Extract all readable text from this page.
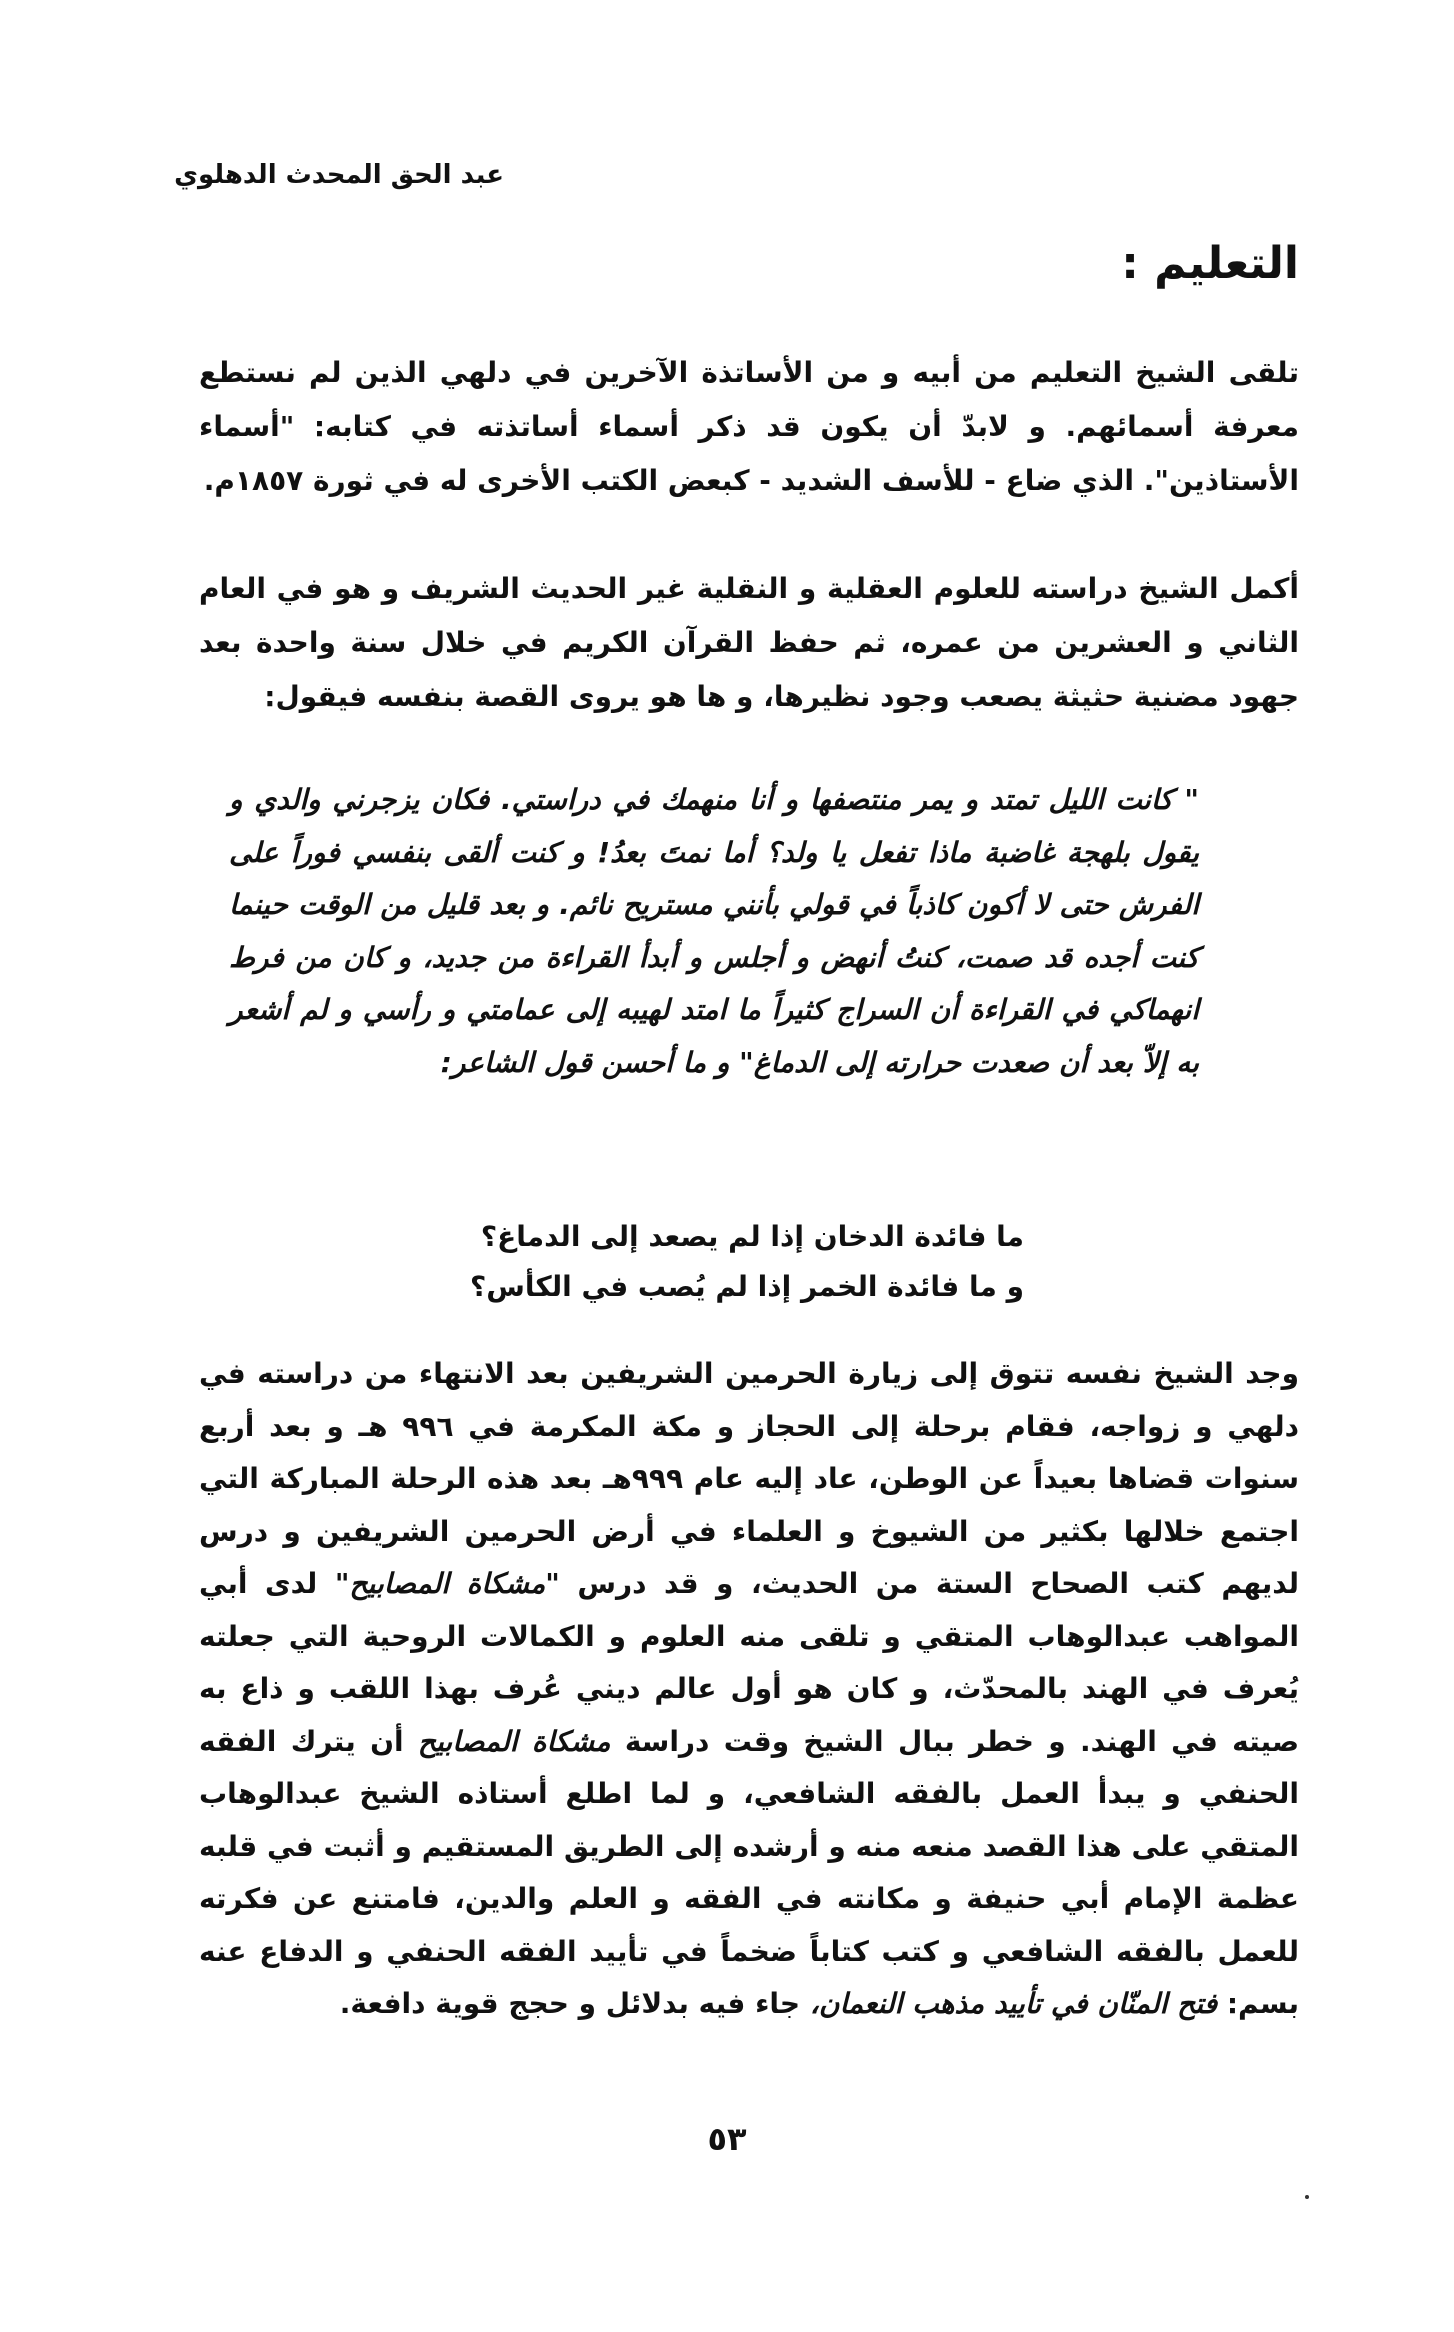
عبد الحق المحدث الدهلوي
التعليم :
تلقى الشيخ التعليم من أبيه و من الأساتذة الآخرين في دلهي الذين لم نستطع معرفة أسمائهم. و لابدّ أن يكون قد ذكر أسماء أساتذته في كتابه: "أسماء الأستاذين". الذي ضاع - للأسف الشديد - كبعض الكتب الأخرى له في ثورة ١٨٥٧م.
أكمل الشيخ دراسته للعلوم العقلية و النقلية غير الحديث الشريف و هو في العام الثاني و العشرين من عمره، ثم حفظ القرآن الكريم في خلال سنة واحدة بعد جهود مضنية حثيثة يصعب وجود نظيرها، و ها هو يروى القصة بنفسه فيقول:
" كانت الليل تمتد و يمر منتصفها و أنا منهمك في دراستي. فكان يزجرني والدي و يقول بلهجة غاضبة ماذا تفعل يا ولد؟ أما نمتَ بعدُ! و كنت ألقى بنفسي فوراً على الفرش حتى لا أكون كاذباً في قولي بأنني مستريح نائم. و بعد قليل من الوقت حينما كنت أجده قد صمت، كنتُ أنهض و أجلس و أبدأ القراءة من جديد، و كان من فرط انهماكي في القراءة أن السراج كثيراً ما امتد لهيبه إلى عمامتي و رأسي و لم أشعر به إلاّ بعد أن صعدت حرارته إلى الدماغ" و ما أحسن قول الشاعر:
ما فائدة الدخان إذا لم يصعد إلى الدماغ؟
و ما فائدة الخمر إذا لم يُصب في الكأس؟
وجد الشيخ نفسه تتوق إلى زيارة الحرمين الشريفين بعد الانتهاء من دراسته في دلهي و زواجه، فقام برحلة إلى الحجاز و مكة المكرمة في ٩٩٦ هـ و بعد أربع سنوات قضاها بعيداً عن الوطن، عاد إليه عام ٩٩٩هـ بعد هذه الرحلة المباركة التي اجتمع خلالها بكثير من الشيوخ و العلماء في أرض الحرمين الشريفين و درس لديهم كتب الصحاح الستة من الحديث، و قد درس "مشكاة المصابيح" لدى أبي المواهب عبدالوهاب المتقي و تلقى منه العلوم و الكمالات الروحية التي جعلته يُعرف في الهند بالمحدّث، و كان هو أول عالم ديني عُرف بهذا اللقب و ذاع به صيته في الهند. و خطر ببال الشيخ وقت دراسة مشكاة المصابيح أن يترك الفقه الحنفي و يبدأ العمل بالفقه الشافعي، و لما اطلع أستاذه الشيخ عبدالوهاب المتقي على هذا القصد منعه منه و أرشده إلى الطريق المستقيم و أثبت في قلبه عظمة الإمام أبي حنيفة و مكانته في الفقه و العلم والدين، فامتنع عن فكرته للعمل بالفقه الشافعي و كتب كتاباً ضخماً في تأييد الفقه الحنفي و الدفاع عنه بسم: فتح المنّان في تأييد مذهب النعمان، جاء فيه بدلائل و حجج قوية دافعة.
٥٣
